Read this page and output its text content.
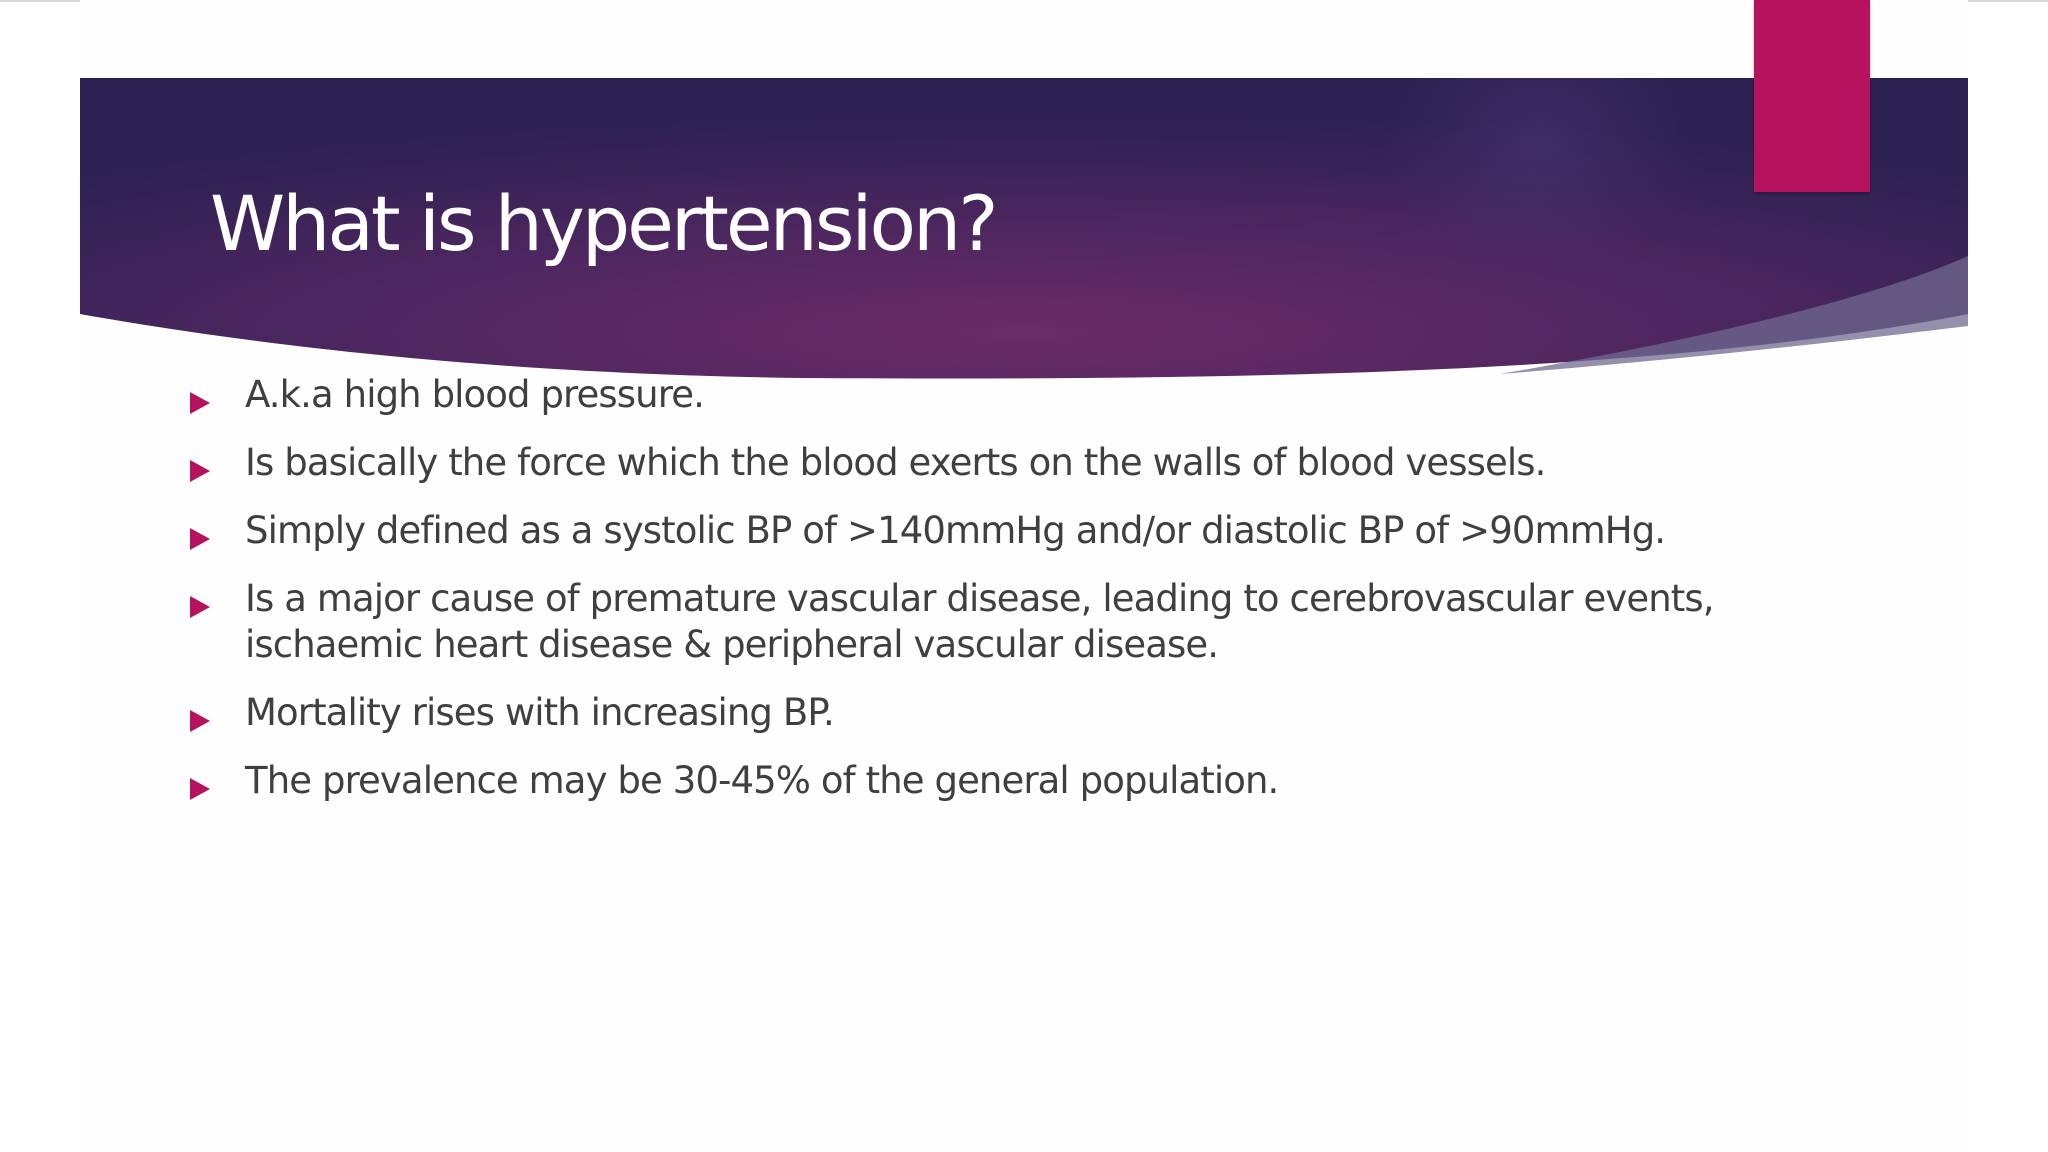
What is hypertension?
A.k.a high blood pressure.
Is basically the force which the blood exerts on the walls of blood vessels.
Simply defined as a systolic BP of >140mmHg and/or diastolic BP of >90mmHg.
Is a major cause of premature vascular disease, leading to cerebrovascular events, ischaemic heart disease & peripheral vascular disease.
Mortality rises with increasing BP.
The prevalence may be 30-45% of the general population.
